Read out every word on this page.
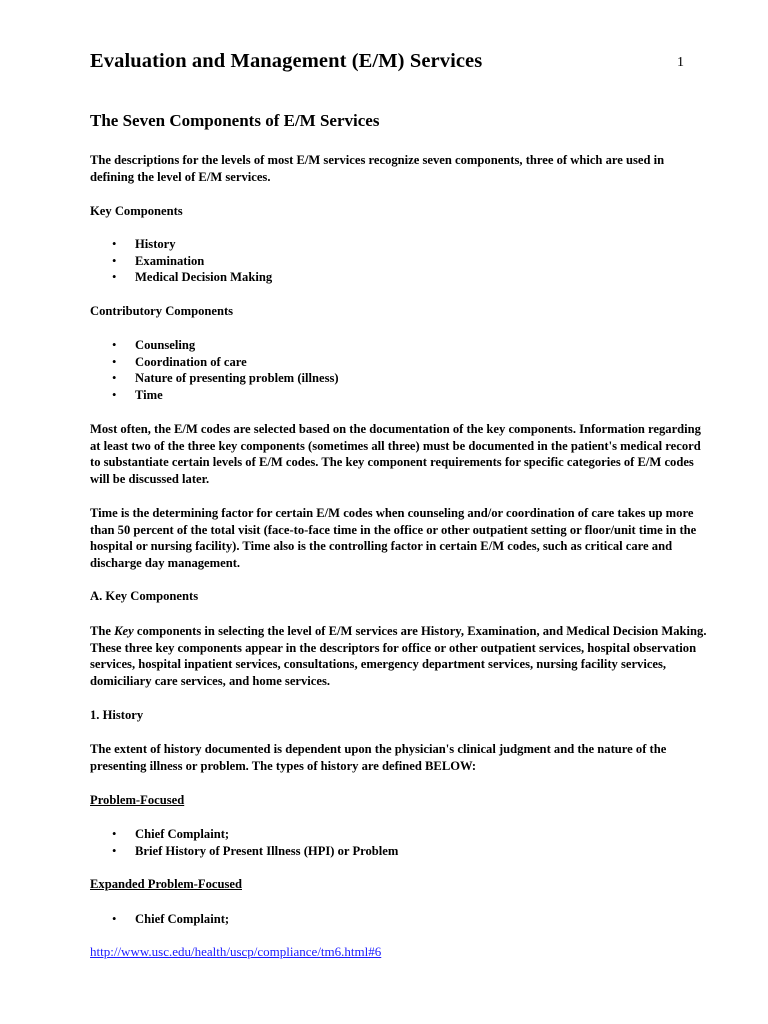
Evaluation and Management (E/M) Services	1
The Seven Components of E/M Services

The descriptions for the levels of most E/M services recognize seven components, three of which are used in defining the level of E/M services.

Key Components

• History
• Examination
• Medical Decision Making

Contributory Components

• Counseling
• Coordination of care
• Nature of presenting problem (illness)
• Time

Most often, the E/M codes are selected based on the documentation of the key components. Information regarding at least two of the three key components (sometimes all three) must be documented in the patient's medical record to substantiate certain levels of E/M codes. The key component requirements for specific categories of E/M codes will be discussed later.

Time is the determining factor for certain E/M codes when counseling and/or coordination of care takes up more than 50 percent of the total visit (face-to-face time in the office or other outpatient setting or floor/unit time in the hospital or nursing facility). Time also is the controlling factor in certain E/M codes, such as critical care and discharge day management.

A. Key Components

The Key components in selecting the level of E/M services are History, Examination, and Medical Decision Making. These three key components appear in the descriptors for office or other outpatient services, hospital observation services, hospital inpatient services, consultations, emergency department services, nursing facility services, domiciliary care services, and home services.

1. History

The extent of history documented is dependent upon the physician's clinical judgment and the nature of the presenting illness or problem. The types of history are defined BELOW:

Problem-Focused

• Chief Complaint;
• Brief History of Present Illness (HPI) or Problem

Expanded Problem-Focused

• Chief Complaint;
http://www.usc.edu/health/uscp/compliance/tm6.html#6
